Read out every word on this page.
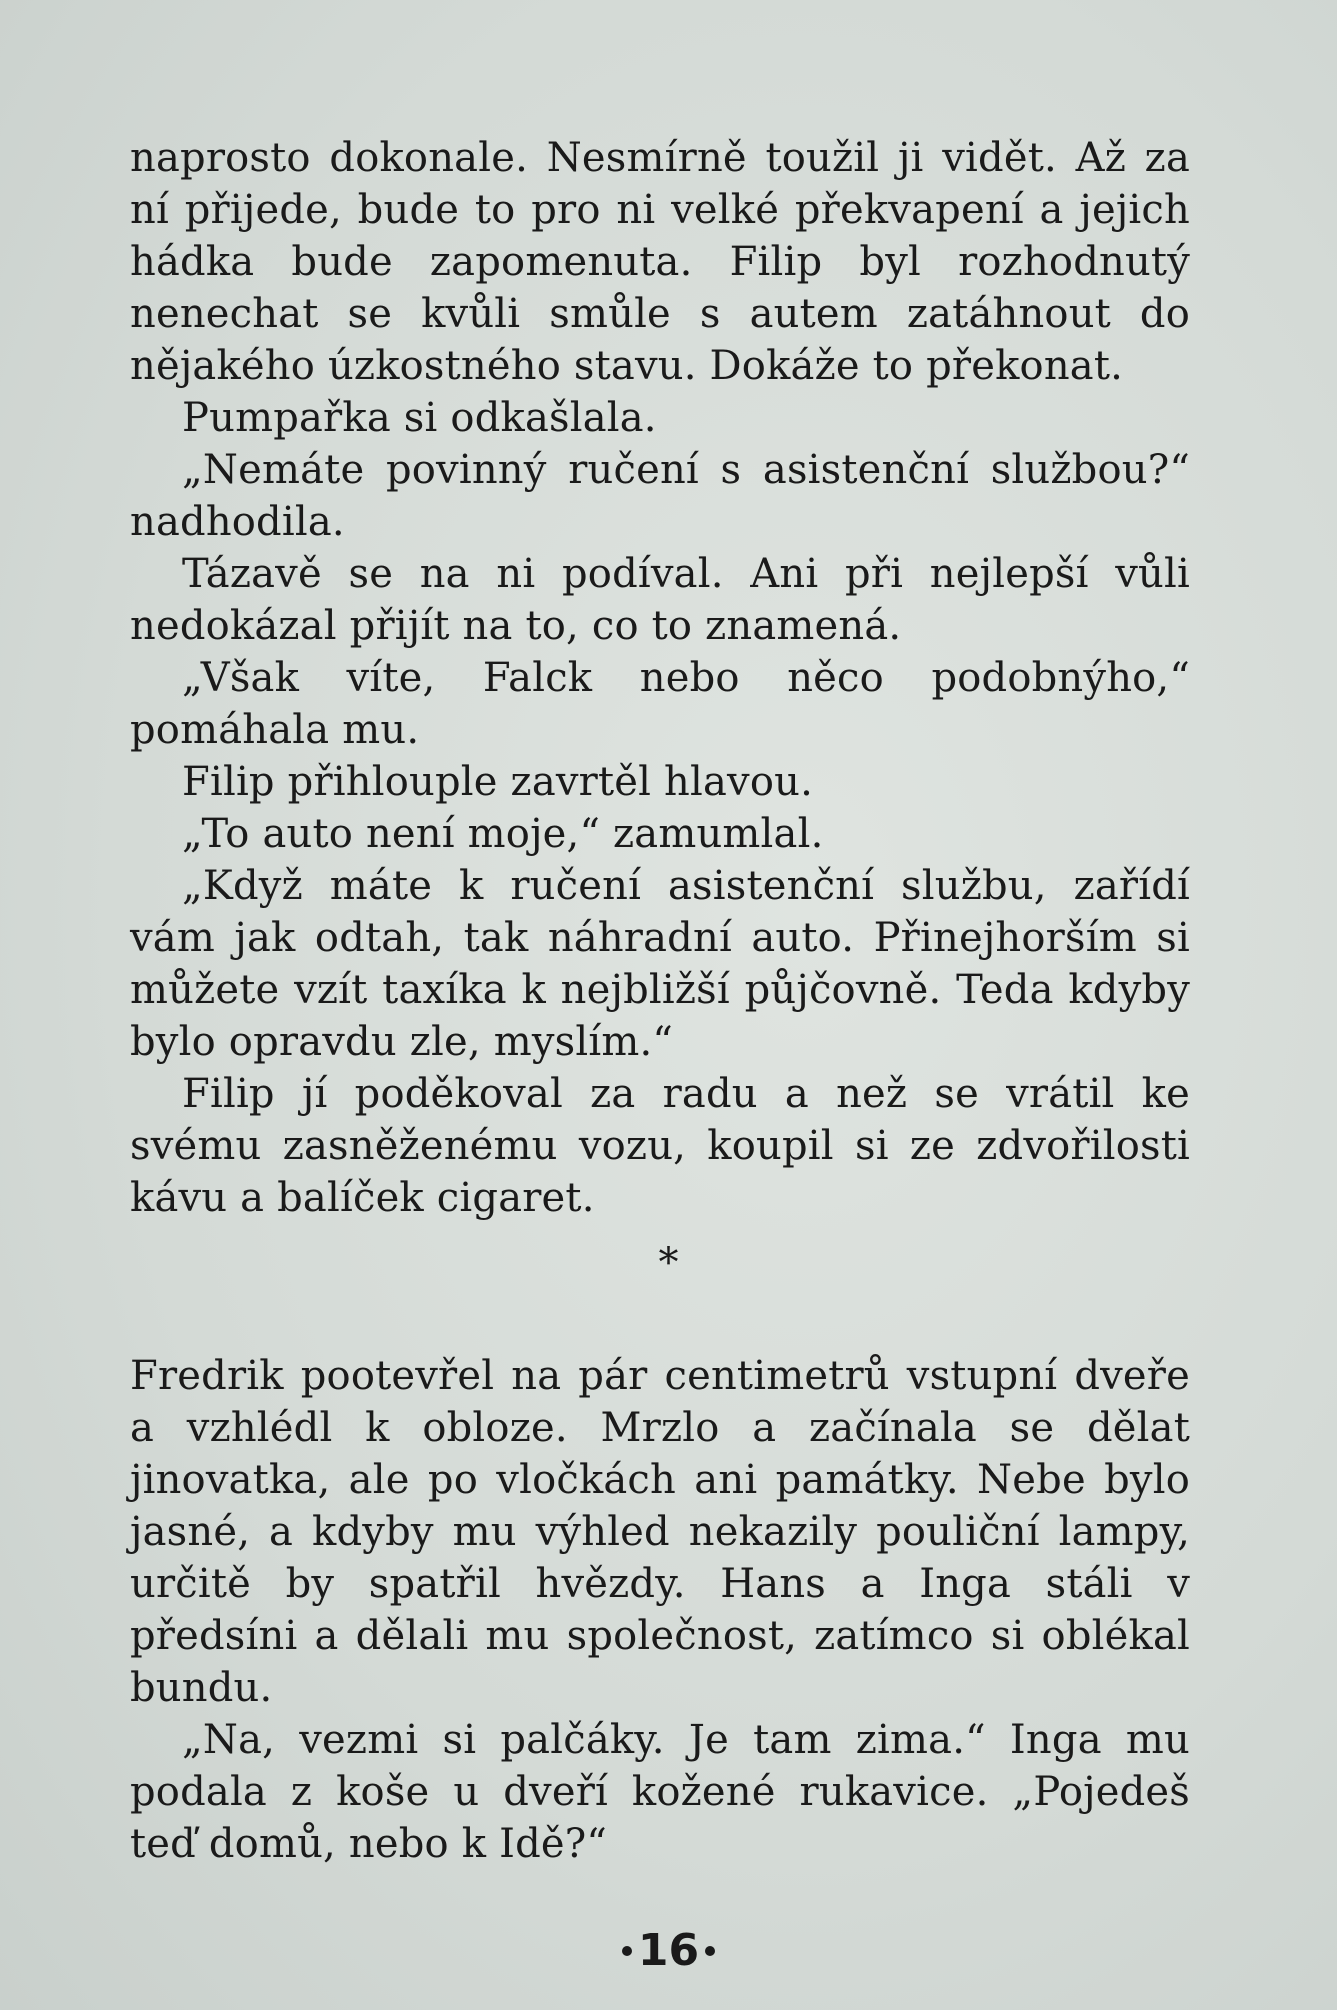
naprosto dokonale. Nesmírně toužil ji vidět. Až za ní přijede, bude to pro ni velké překvapení a jejich hádka bude zapomenuta. Filip byl rozhodnutý nenechat se kvůli smůle s autem zatáhnout do nějakého úzkostného stavu. Dokáže to překonat.

Pumpařka si odkašlala.

„Nemáte povinný ručení s asistenční službou?“ nadhodila.

Tázavě se na ni podíval. Ani při nejlepší vůli nedokázal přijít na to, co to znamená.

„Však víte, Falck nebo něco podobnýho,“ pomáhala mu.

Filip přihlouple zavrtěl hlavou.

„To auto není moje,“ zamumlal.

„Když máte k ručení asistenční službu, zařídí vám jak odtah, tak náhradní auto. Přinejhorším si můžete vzít taxíka k nejbližší půjčovně. Teda kdyby bylo opravdu zle, myslím.“

Filip jí poděkoval za radu a než se vrátil ke svému zasněženému vozu, koupil si ze zdvořilosti kávu a balíček cigaret.

*

Fredrik pootevřel na pár centimetrů vstupní dveře a vzhlédl k obloze. Mrzlo a začínala se dělat jinovatka, ale po vločkách ani památky. Nebe bylo jasné, a kdyby mu výhled nekazily pouliční lampy, určitě by spatřil hvězdy. Hans a Inga stáli v předsíni a dělali mu společnost, zatímco si oblékal bundu.

„Na, vezmi si palčáky. Je tam zima.“ Inga mu podala z koše u dveří kožené rukavice. „Pojedeš teď domů, nebo k Idě?“

16
